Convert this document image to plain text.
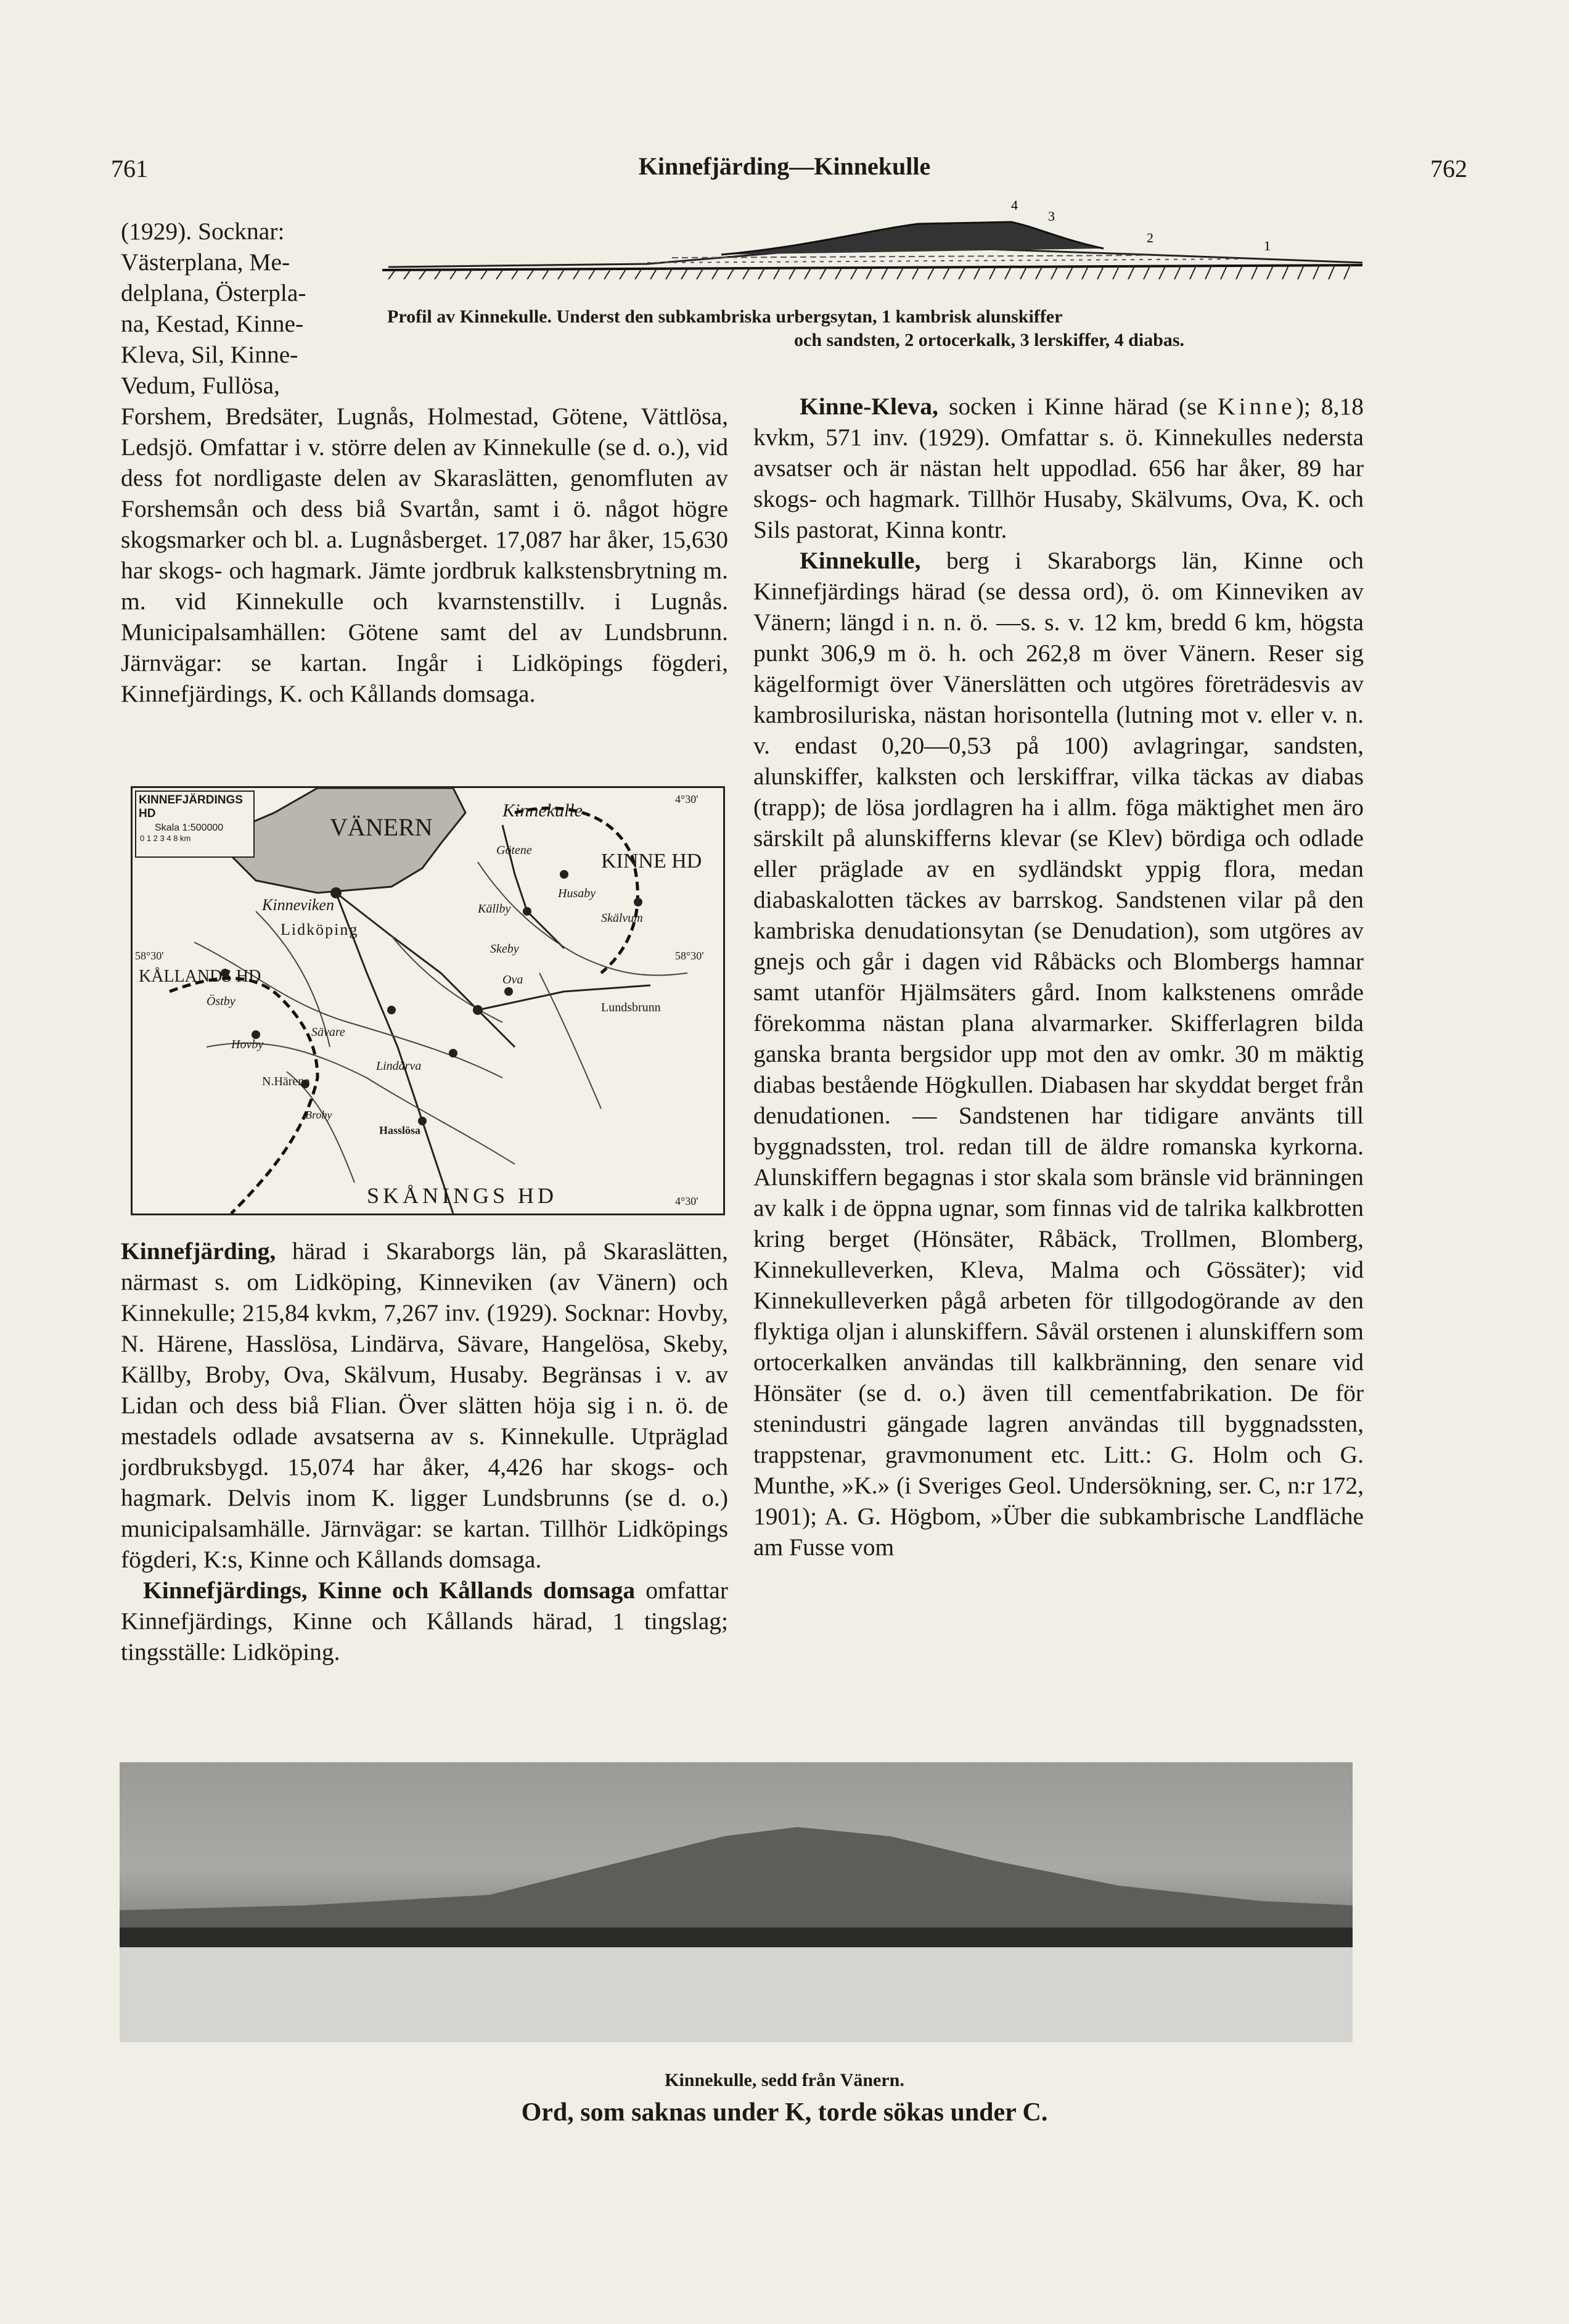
761	Kinnefjärding—Kinnekulle	762
4
3
2
1
Profil av Kinnekulle. Underst den subkambriska urbergsytan, 1 kambrisk alunskiffer
och sandsten, 2 ortocerkalk, 3 lerskiffer, 4 diabas.
(1929). Socknar:
Västerplana, Me-
delplana, Österpla-
na, Kestad, Kinne-
Kleva, Sil, Kinne-
Vedum, Fullösa,

Forshem, Bredsäter, Lugnås, Holmestad, Götene, Vättlösa, Ledsjö. Omfattar i v. större delen av Kinnekulle (se d. o.), vid dess fot nordligaste delen av Skaraslätten, genomfluten av Forshemsån och dess biå Svartån, samt i ö. något högre skogsmarker och bl. a. Lugnåsberget. 17,087 har åker, 15,630 har skogs- och hagmark. Jämte jordbruk kalkstensbrytning m. m. vid Kinnekulle och kvarnstenstillv. i Lugnås. Municipalsamhällen: Götene samt del av Lundsbrunn. Järnvägar: se kartan. Ingår i Lidköpings fögderi, Kinnefjärdings, K. och Kållands domsaga.

KINNEFJÄRDINGS HD
Skala 1:500000
0 1 2 3 4 8 km	VÄNERN
KINNE HD
KÅLLANDS HD
SKÅNINGS HD
Kinneviken
Kinnekulle
Lidköping
Götene
Husaby
Källby
Skälvum
Hovby
Sävare
Hasslösa
Lindärva
Ova
Lundsbrunn
N.Härene
Broby
Skeby
Östby
4°30'
58°30'	58°30'
4°30'

Kinnefjärding, härad i Skaraborgs län, på Skaraslätten, närmast s. om Lidköping, Kinneviken (av Vänern) och Kinnekulle; 215,84 kvkm, 7,267 inv. (1929). Socknar: Hovby, N. Härene, Hasslösa, Lindärva, Sävare, Hangelösa, Skeby, Källby, Broby, Ova, Skälvum, Husaby. Begränsas i v. av Lidan och dess biå Flian. Över slätten höja sig i n. ö. de mestadels odlade avsatserna av s. Kinnekulle. Utpräglad jordbruksbygd. 15,074 har åker, 4,426 har skogs- och hagmark. Delvis inom K. ligger Lundsbrunns (se d. o.) municipalsamhälle. Järnvägar: se kartan. Tillhör Lidköpings fögderi, K:s, Kinne och Kållands domsaga.

Kinnefjärdings, Kinne och Kållands domsaga omfattar Kinnefjärdings, Kinne och Kållands härad, 1 tingslag; tingsställe: Lidköping.

Kinne-Kleva, socken i Kinne härad (se Kinne); 8,18 kvkm, 571 inv. (1929). Omfattar s. ö. Kinnekulles nedersta avsatser och är nästan helt uppodlad. 656 har åker, 89 har skogs- och hagmark. Tillhör Husaby, Skälvums, Ova, K. och Sils pastorat, Kinna kontr.

Kinnekulle, berg i Skaraborgs län, Kinne och Kinnefjärdings härad (se dessa ord), ö. om Kinneviken av Vänern; längd i n. n. ö. —s. s. v. 12 km, bredd 6 km, högsta punkt 306,9 m ö. h. och 262,8 m över Vänern. Reser sig kägelformigt över Vänerslätten och utgöres företrädesvis av kambrosiluriska, nästan horisontella (lutning mot v. eller v. n. v. endast 0,20—0,53 på 100) avlagringar, sandsten, alunskiffer, kalksten och lerskiffrar, vilka täckas av diabas (trapp); de lösa jordlagren ha i allm. föga mäktighet men äro särskilt på alunskifferns klevar (se Klev) bördiga och odlade eller präglade av en sydländskt yppig flora, medan diabaskalotten täckes av barrskog. Sandstenen vilar på den kambriska denudationsytan (se Denudation), som utgöres av gnejs och går i dagen vid Råbäcks och Blombergs hamnar samt utanför Hjälmsäters gård. Inom kalkstenens område förekomma nästan plana alvarmarker. Skifferlagren bilda ganska branta bergsidor upp mot den av omkr. 30 m mäktig diabas bestående Högkullen. Diabasen har skyddat berget från denudationen. — Sandstenen har tidigare använts till byggnadssten, trol. redan till de äldre romanska kyrkorna. Alunskiffern begagnas i stor skala som bränsle vid bränningen av kalk i de öppna ugnar, som finnas vid de talrika kalkbrotten kring berget (Hönsäter, Råbäck, Trollmen, Blomberg, Kinnekulleverken, Kleva, Malma och Gössäter); vid Kinnekulleverken pågå arbeten för tillgodogörande av den flyktiga oljan i alunskiffern. Såväl orstenen i alunskiffern som ortocerkalken användas till kalkbränning, den senare vid Hönsäter (se d. o.) även till cementfabrikation. De för stenindustri gängade lagren användas till byggnadssten, trappstenar, gravmonument etc. Litt.: G. Holm och G. Munthe, »K.» (i Sveriges Geol. Undersökning, ser. C, n:r 172, 1901); A. G. Högbom, »Über die subkambrische Landfläche am Fusse vom

Kinnekulle, sedd från Vänern.
Ord, som saknas under K, torde sökas under C.
